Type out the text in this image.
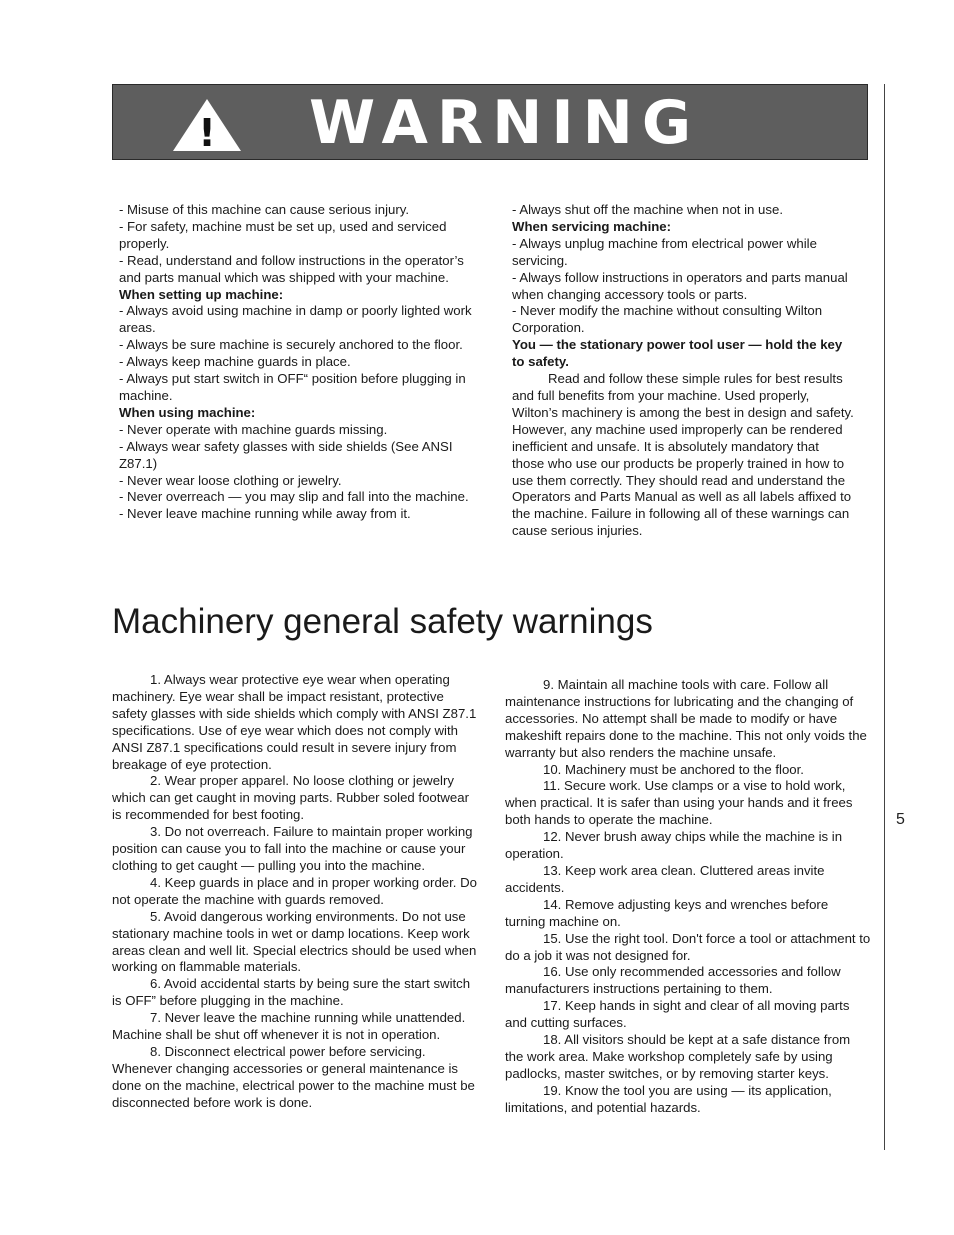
! WARNING

- Misuse of this machine can cause serious injury.

- For safety, machine must be set up, used and serviced properly.

- Read, understand and follow instructions in the operator’s and parts manual which was shipped with your machine.

When setting up machine:

- Always avoid using machine in damp or poorly lighted work areas.

- Always be sure machine is securely anchored to the floor.

- Always keep machine guards in place.

- Always put start switch in OFF“ position before plugging in machine.

When using machine:

- Never operate with machine guards missing.

- Always wear safety glasses with side shields (See ANSI Z87.1)

- Never wear loose clothing or jewelry.

- Never overreach — you may slip and fall into the machine.

- Never leave machine running while away from it.

- Always shut off the machine when not in use.

When servicing machine:

- Always unplug machine from electrical power while servicing.

- Always follow instructions in operators and parts manual when changing accessory tools or parts.

- Never modify the machine without consulting Wilton Corporation.

You — the stationary power tool user — hold the key to safety.

Read and follow these simple rules for best results and full benefits from your machine. Used properly, Wilton’s machinery is among the best in design and safety. However, any machine used improperly can be rendered inefficient and unsafe. It is absolutely mandatory that those who use our products be properly trained in how to use them correctly. They should read and understand the Operators and Parts Manual as well as all labels affixed to the machine. Failure in following all of these warnings can cause serious injuries.

Machinery general safety warnings

1. Always wear protective eye wear when operating machinery. Eye wear shall be impact resistant, protective safety glasses with side shields which comply with ANSI Z87.1 specifications. Use of eye wear which does not comply with ANSI Z87.1 specifications could result in severe injury from breakage of eye protection.

2. Wear proper apparel. No loose clothing or jewelry which can get caught in moving parts. Rubber soled footwear is recommended for best footing.

3. Do not overreach. Failure to maintain proper working position can cause you to fall into the machine or cause your clothing to get caught — pulling you into the machine.

4. Keep guards in place and in proper working order. Do not operate the machine with guards removed.

5. Avoid dangerous working environments. Do not use stationary machine tools in wet or damp locations. Keep work areas clean and well lit. Special electrics should be used when working on flammable materials.

6. Avoid accidental starts by being sure the start switch is OFF” before plugging in the machine.

7. Never leave the machine running while unattended. Machine shall be shut off whenever it is not in operation.

8. Disconnect electrical power before servicing. Whenever changing accessories or general maintenance is done on the machine, electrical power to the machine must be disconnected before work is done.

9. Maintain all machine tools with care. Follow all maintenance instructions for lubricating and the changing of accessories. No attempt shall be made to modify or have makeshift repairs done to the machine. This not only voids the warranty but also renders the machine unsafe.

10. Machinery must be anchored to the floor.

11. Secure work. Use clamps or a vise to hold work, when practical. It is safer than using your hands and it frees both hands to operate the machine.

12. Never brush away chips while the machine is in operation.

13. Keep work area clean. Cluttered areas invite accidents.

14. Remove adjusting keys and wrenches before turning machine on.

15. Use the right tool. Don't force a tool or attachment to do a job it was not designed for.

16. Use only recommended accessories and follow manufacturers instructions pertaining to them.

17. Keep hands in sight and clear of all moving parts and cutting surfaces.

18. All visitors should be kept at a safe distance from the work area. Make workshop completely safe by using padlocks, master switches, or by removing starter keys.

19. Know the tool you are using — its application, limitations, and potential hazards.

5
